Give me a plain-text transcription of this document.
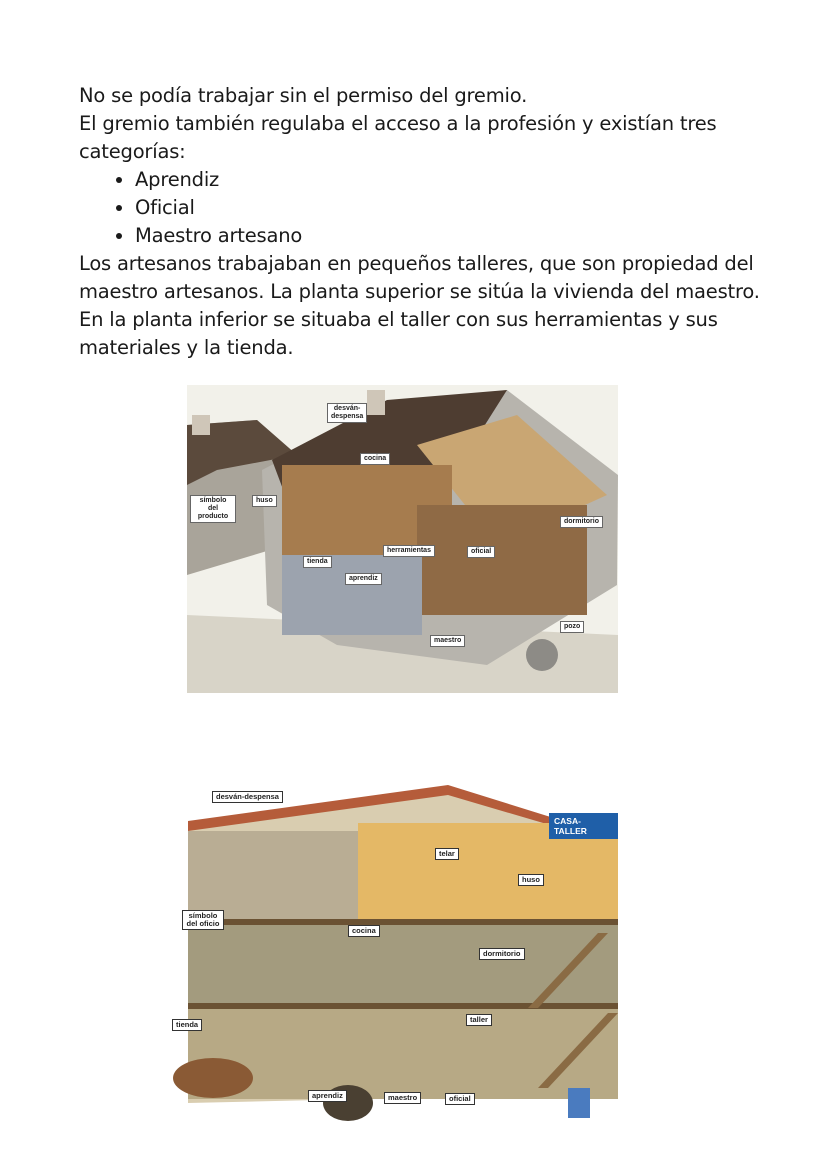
No se podía trabajar sin el permiso del gremio.

El gremio también regulaba el acceso a la profesión y existían tres categorías:

• Aprendiz
• Oficial
• Maestro artesano

Los artesanos trabajaban en pequeños talleres, que son propiedad del maestro artesanos. La planta superior se sitúa la vivienda del maestro. En la planta inferior se situaba el taller con sus herramientas y sus materiales y la tienda.

desván-
despensa
cocina
símbolo del producto
huso
dormitorio
herramientas	oficial
tienda
aprendiz
pozo
maestro
desván-despensa
CASA-TALLER
telar
huso
símbolo del oficio
cocina
dormitorio
tienda
taller
aprendiz	maestro	oficial
